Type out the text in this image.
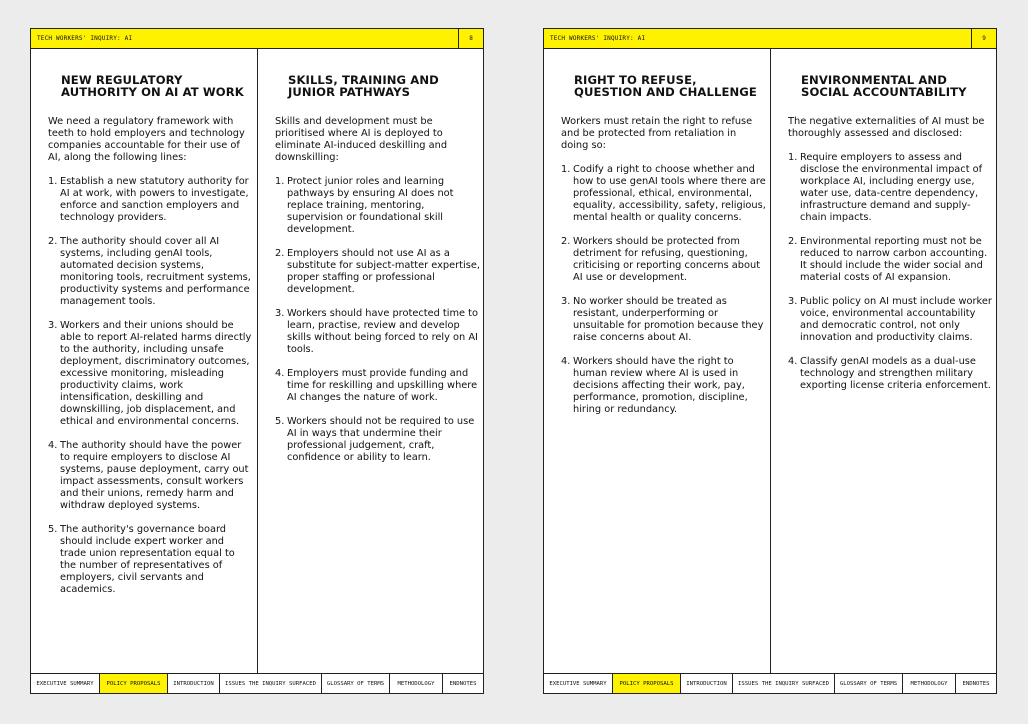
TECH WORKERS' INQUIRY: AI	8
NEW REGULATORY AUTHORITY ON AI AT WORK

We need a regulatory framework with teeth to hold employers and technology companies accountable for their use of AI, along the following lines:

1. Establish a new statutory authority for AI at work, with powers to investigate, enforce and sanction employers and technology providers.
2. The authority should cover all AI systems, including genAI tools, automated decision systems, monitoring tools, recruitment systems, productivity systems and performance management tools.
3. Workers and their unions should be able to report AI-related harms directly to the authority, including unsafe deployment, discriminatory outcomes, excessive monitoring, misleading productivity claims, work intensification, deskilling and downskilling, job displacement, and ethical and environmental concerns.
4. The authority should have the power to require employers to disclose AI systems, pause deployment, carry out impact assessments, consult workers and their unions, remedy harm and withdraw deployed systems.
5. The authority's governance board should include expert worker and trade union representation equal to the number of representatives of employers, civil servants and academics.
SKILLS, TRAINING AND JUNIOR PATHWAYS

Skills and development must be prioritised where AI is deployed to eliminate AI-induced deskilling and downskilling:

1. Protect junior roles and learning pathways by ensuring AI does not replace training, mentoring, supervision or foundational skill development.
2. Employers should not use AI as a substitute for subject-matter expertise, proper staffing or professional development.
3. Workers should have protected time to learn, practise, review and develop skills without being forced to rely on AI tools.
4. Employers must provide funding and time for reskilling and upskilling where AI changes the nature of work.
5. Workers should not be required to use AI in ways that undermine their professional judgement, craft, confidence or ability to learn.
EXECUTIVE SUMMARY	POLICY PROPOSALS	INTRODUCTION	ISSUES THE INQUIRY SURFACED	GLOSSARY OF TERMS	METHODOLOGY	ENDNOTES
TECH WORKERS' INQUIRY: AI	9
RIGHT TO REFUSE, QUESTION AND CHALLENGE

Workers must retain the right to refuse and be protected from retaliation in doing so:

1. Codify a right to choose whether and how to use genAI tools where there are professional, ethical, environmental, equality, accessibility, safety, religious, mental health or quality concerns.
2. Workers should be protected from detriment for refusing, questioning, criticising or reporting concerns about AI use or development.
3. No worker should be treated as resistant, underperforming or unsuitable for promotion because they raise concerns about AI.
4. Workers should have the right to human review where AI is used in decisions affecting their work, pay, performance, promotion, discipline, hiring or redundancy.
ENVIRONMENTAL AND SOCIAL ACCOUNTABILITY

The negative externalities of AI must be thoroughly assessed and disclosed:

1. Require employers to assess and disclose the environmental impact of workplace AI, including energy use, water use, data-centre dependency, infrastructure demand and supply-chain impacts.
2. Environmental reporting must not be reduced to narrow carbon accounting. It should include the wider social and material costs of AI expansion.
3. Public policy on AI must include worker voice, environmental accountability and democratic control, not only innovation and productivity claims.
4. Classify genAI models as a dual-use technology and strengthen military exporting license criteria enforcement.
EXECUTIVE SUMMARY	POLICY PROPOSALS	INTRODUCTION	ISSUES THE INQUIRY SURFACED	GLOSSARY OF TERMS	METHODOLOGY	ENDNOTES
